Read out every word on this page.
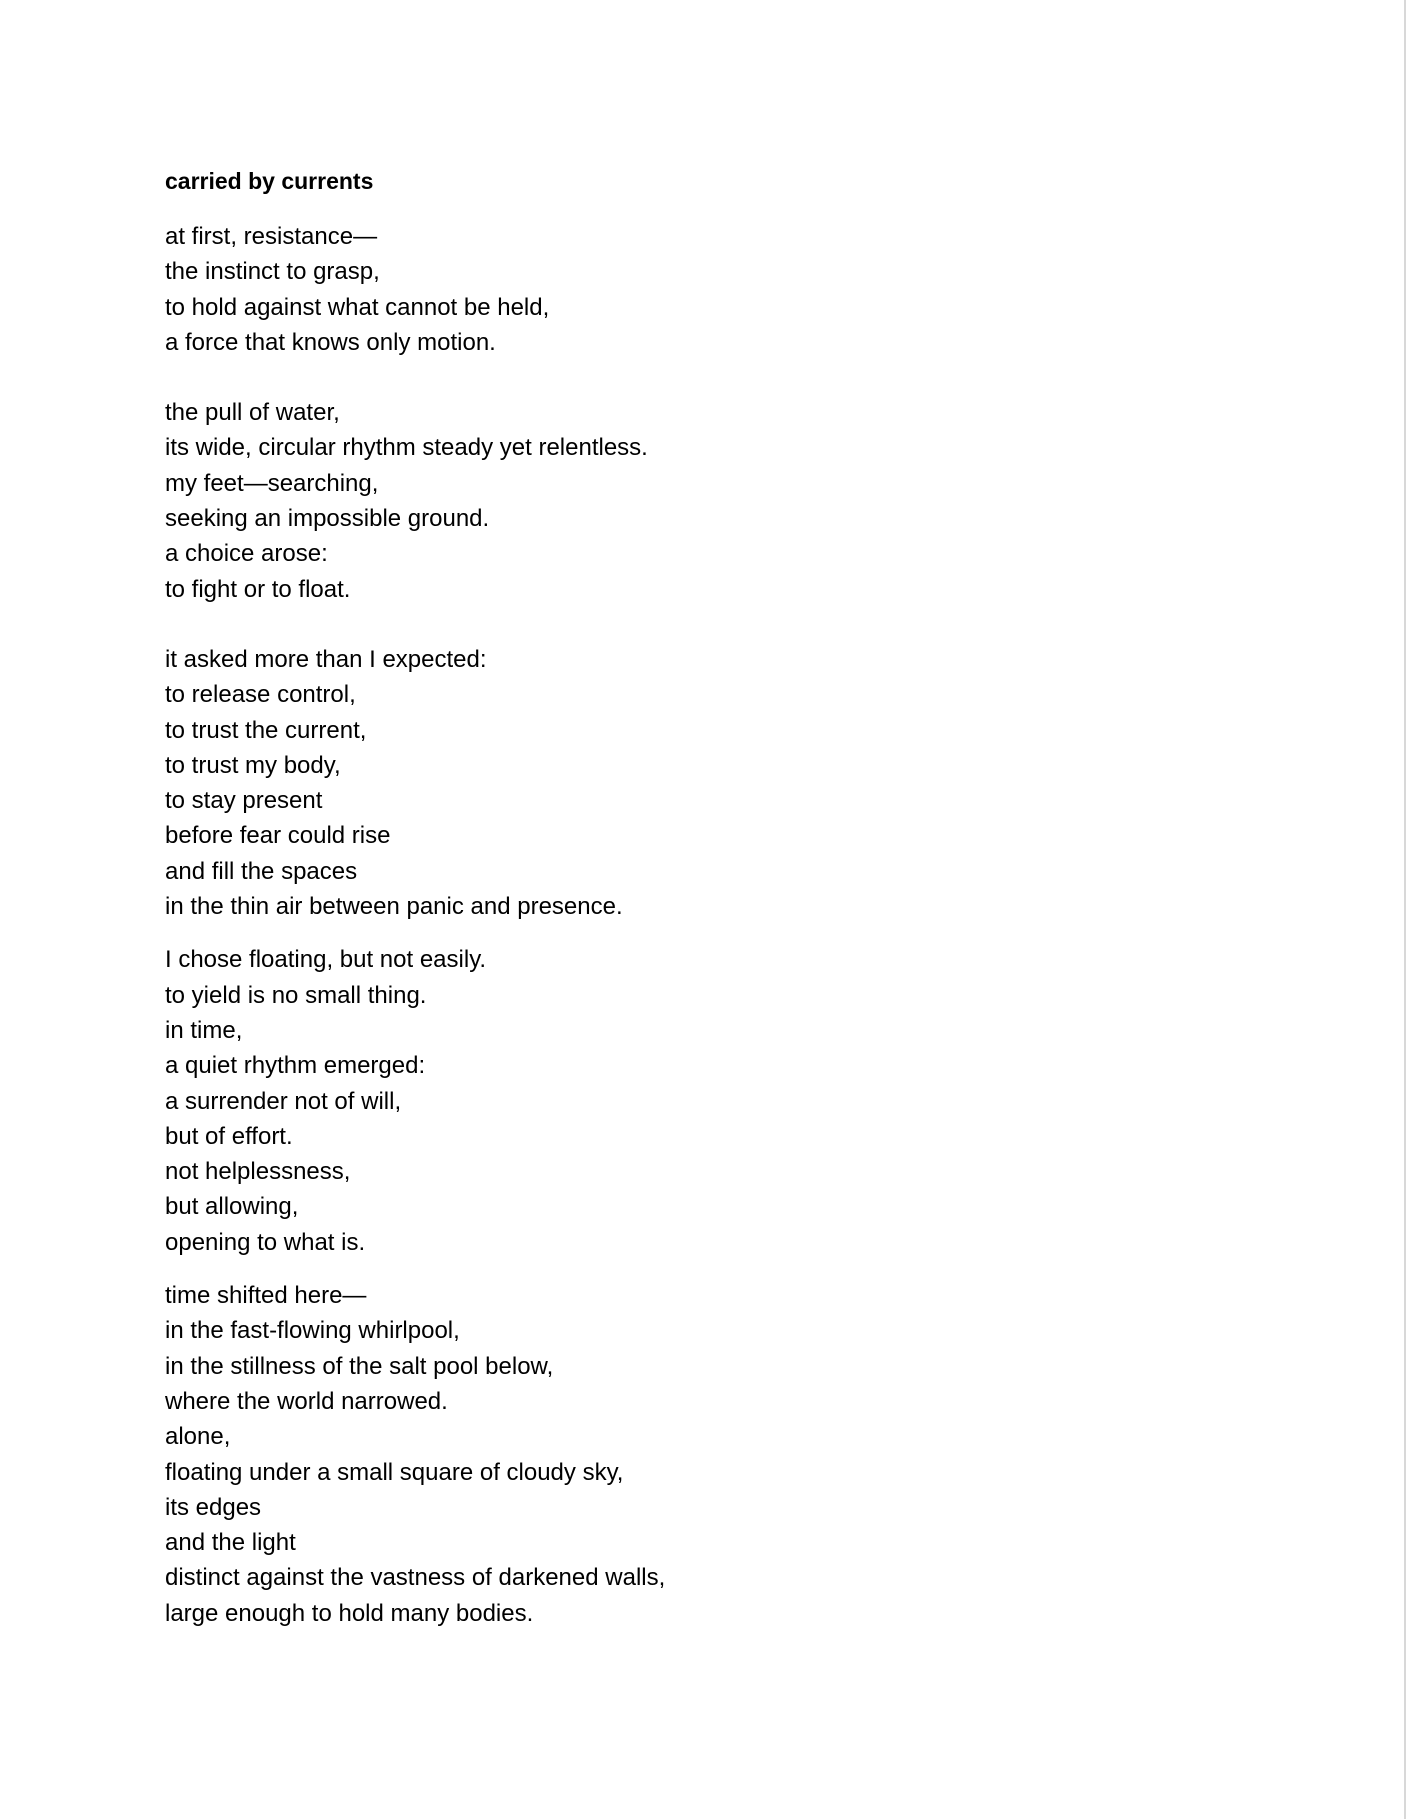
carried by currents
at first, resistance—
the instinct to grasp,
to hold against what cannot be held,
a force that knows only motion.
the pull of water,
its wide, circular rhythm steady yet relentless.
my feet—searching,
seeking an impossible ground.
a choice arose:
to fight or to float.
it asked more than I expected:
to release control,
to trust the current,
to trust my body,
to stay present
before fear could rise
and fill the spaces
in the thin air between panic and presence.
I chose floating, but not easily.
to yield is no small thing.
in time,
a quiet rhythm emerged:
a surrender not of will,
but of effort.
not helplessness,
but allowing,
opening to what is.
time shifted here—
in the fast-flowing whirlpool,
in the stillness of the salt pool below,
where the world narrowed.
alone,
floating under a small square of cloudy sky,
its edges
and the light
distinct against the vastness of darkened walls,
large enough to hold many bodies.
